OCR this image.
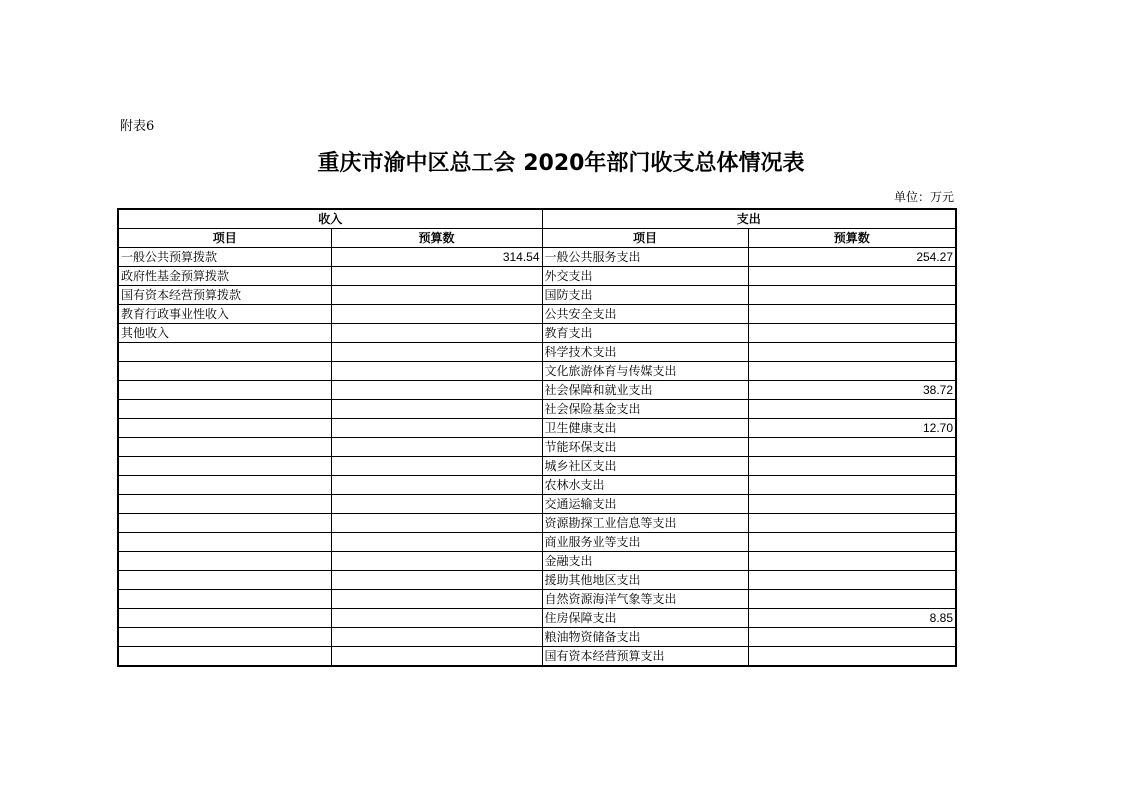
附表6
重庆市渝中区总工会 2020年部门收支总体情况表
单位：万元
收入		支出	
项目	预算数	项目	预算数
一般公共预算拨款	314.54	一般公共服务支出	254.27
政府性基金预算拨款		外交支出	
国有资本经营预算拨款		国防支出	
教育行政事业性收入		公共安全支出	
其他收入		教育支出	
		科学技术支出	
		文化旅游体育与传媒支出	
		社会保障和就业支出	38.72
		社会保险基金支出	
		卫生健康支出	12.70
		节能环保支出	
		城乡社区支出	
		农林水支出	
		交通运输支出	
		资源勘探工业信息等支出	
		商业服务业等支出	
		金融支出	
		援助其他地区支出	
		自然资源海洋气象等支出	
		住房保障支出	8.85
		粮油物资储备支出	
		国有资本经营预算支出	
